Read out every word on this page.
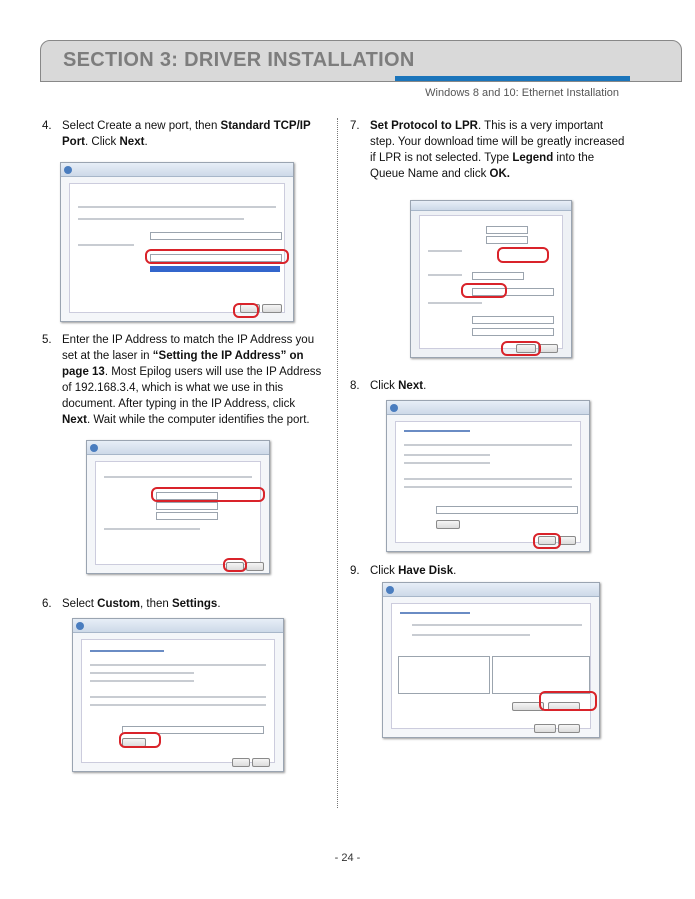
SECTION 3: DRIVER INSTALLATION
Windows 8 and 10: Ethernet Installation
4. Select Create a new port, then Standard TCP/IP Port. Click Next.

5. Enter the IP Address to match the IP Address you set at the laser in “Setting the IP Address” on page 13. Most Epilog users will use the IP Address of 192.168.3.4, which is what we use in this document. After typing in the IP Address, click Next. Wait while the computer identifies the port.
6. Select Custom, then Settings.
7. Set Protocol to LPR. This is a very important step. Your download time will be greatly increased if LPR is not selected. Type Legend into the Queue Name and click OK.
8. Click Next.
9. Click Have Disk.
- 24 -
